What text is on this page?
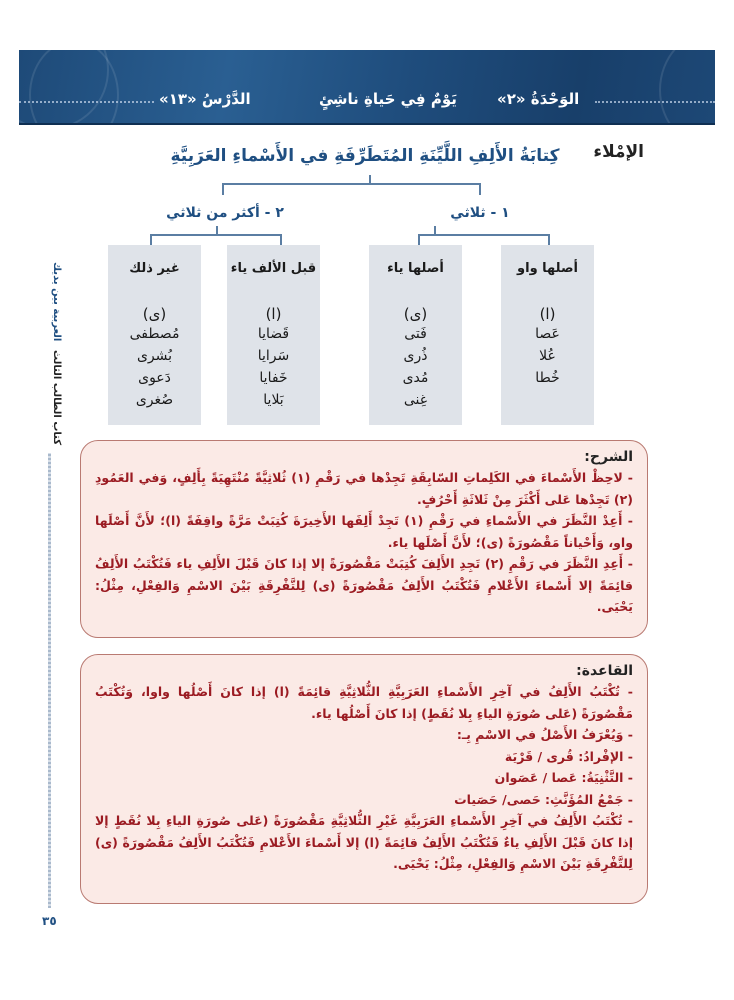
الدَّرْسُ «١٣»	يَوْمٌ فِي حَياةِ ناشِئٍ	الوَحْدَةُ «٢»
الإمْلاء
كِتابَةُ الأَلِفِ اللَّيِّنَةِ المُتَطَرِّفَةِ في الأَسْماءِ العَرَبِيَّةِ
١ - ثلاثي
٢ - أكثر من ثلاثي
أصلها واو
(ا)
عَصا
عُلا
خُطا
أصلها ياء
(ى)
فَتى
ذُرى
مُدى
غِنى
قبل الألف ياء
(ا)
قَضايا
سَرايا
خَفايا
بَلايا
غير ذلك
(ى)
مُصطفى
بُشرى
دَعوى
صُغرى
العربية بين يديك
كتاب الطالب الثالث
٣٥
الشرح:

- لاحِظْ الأَسْماءَ في الكَلِماتِ السّابِقَةِ تَجِدْها في رَقْمِ (١) ثُلاثِيَّةً مُنْتَهِيَةً بِأَلِفٍ، وَفي العَمُودِ (٢) تَجِدْها عَلى أَكْثَرَ مِنْ ثَلاثَةِ أَحْرُفٍ.

- أَعِدْ النَّظَرَ في الأَسْماءِ في رَقْمِ (١) تَجِدْ أَلِفَها الأَخِيرَةَ كُتِبَتْ مَرَّةً واقِفَةً (ا)؛ لأَنَّ أَصْلَها واو، وَأَحْياناً مَقْصُورَةً (ى)؛ لأَنَّ أَصْلَها ياء.

- أَعِدِ النَّظَرَ في رَقْمِ (٢) تَجِدِ الأَلِفَ كُتِبَتْ مَقْصُورَةً إلا إذا كانَ قَبْلَ الأَلِفِ ياء فَتُكْتَبُ الأَلِفُ قائِمَةً إلا أَسْماءَ الأَعْلامِ فَتُكْتَبُ الأَلِفُ مَقْصُورَةً (ى) لِلتَّفْرِقَةِ بَيْنَ الاسْمِ وَالفِعْلِ، مِثْلُ: يَحْيَى.

القاعدة:

- تُكْتَبُ الأَلِفُ في آخِرِ الأَسْماءِ العَرَبِيَّةِ الثُّلاثِيَّةِ قائِمَةً (ا) إذا كانَ أَصْلُها واوا، وَتُكْتَبُ مَقْصُورَةً (عَلى صُورَةِ الياءِ بِلا نُقَطٍ) إذا كانَ أَصْلُها ياء.

- وَيُعْرَفُ الأَصْلُ في الاسْمِ بِـ:

- الإفْرادُ: قُرى / قَرْيَة

- التَّثْنِيَةُ: عَصا / عَصَوان

- جَمْعُ المُؤَنَّثِ: حَصى/ حَصَيات

- تُكْتَبُ الأَلِفُ في آخِرِ الأَسْماءِ العَرَبِيَّةِ غَيْرِ الثُّلاثِيَّةِ مَقْصُورَةً (عَلى صُورَةِ الياءِ بِلا نُقَطٍ إلا إذا كانَ قَبْلَ الأَلِفِ ياءٌ فَتُكْتَبُ الأَلِفُ قائِمَةً (ا) إلا أَسْماءَ الأَعْلامِ فَتُكْتَبُ الأَلِفُ مَقْصُورَةً (ى) لِلتَّفْرِقَةِ بَيْنَ الاسْمِ وَالفِعْلِ، مِثْلُ: يَحْيَى.
